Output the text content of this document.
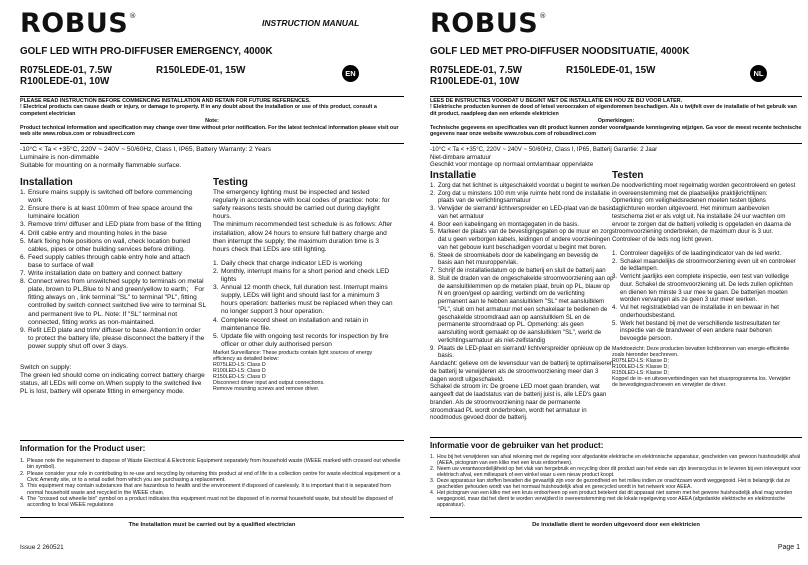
ROBUS®
INSTRUCTION MANUAL
GOLF LED WITH PRO-DIFFUSER EMERGENCY, 4000K
R075LEDE-01, 7.5W	R150LEDE-01, 15W
R100LEDE-01, 10W
EN
PLEASE READ INSTRUCTION BEFORE COMMENCING INSTALLATION AND RETAIN FOR FUTURE REFERENCES.
! Electrical products can cause death or injury, or damage to property. If in any doubt about the installation or use of this product, consult a competent electrician
Note:
Product technical information and specification may change over time without prior notification. For the latest technical information please visit our web site www.robus.com or robusdirect.com
-10°C < Ta < +35°C, 220V ~ 240V ~ 50/60Hz, Class I, IP65, Battery Warranty: 2 Years
Luminaire is non-dimmable
Suitable for mounting on a normally flammable surface.
Installation
1. Ensure mains supply is switched off before commencing work
2. Ensure there is at least 100mm of free space around the luminaire location
3. Remove trim/ diffuser and LED plate from base of the fitting
4. Drill cable entry and mounting holes in the base
5. Mark fixing hole positions on wall, check location buried cables, pipes or other building services before drilling.
6. Feed supply cables through cable entry hole and attach base to surface of wall
7. Write installation date on battery and connect battery
8. Connect wires from unswitched supply to terminals on metal plate, brown to PL,Blue to N and green/yellow to earth； For fitting always on , link terminal "SL" to terminal "PL", fitting controlled by switch connect switched live wire to terminal SL and permanent live to PL. Note: If "SL" terminal not connected, fitting works as non-maintained.
9. Refit LED plate and trim/ diffuser to base. Attention:In order to protect the battery life, please disconnect the battery if the power supply shut off over 3 days.
Switch on supply:
The green led should come on indicating correct battery charge status, all LEDs will come on.When supply to the switched live PL is lost, battery will operate fitting in emergency mode.
Testing
The emergency lighting must be inspected and tested regularly in accordance with local codes of practice: note: for safety reasons tests should be carried out during daylight hours.
The minimum recommended test schedule is as follows: After installation, allow 24 hours to ensure full battery charge and then interrupt the supply; the maximum duration time is 3 hours check that LEDs are still lighting.
1. Daily check that charge indicator LED is working
2. Monthly, interrupt mains for a short period and check LED lights
3. Annual 12 month check, full duration test. Interrupt mains supply, LEDs will light and should last for a minimum 3 hours operation: batteries must be replaced when they can no longer support 3 hour operation.
4. Complete record sheet on installation and retain in maintenance file.
5. Update file with ongoing test records for inspection by fire officer or other duly authorised person
Market Surveillance: These products contain light sources of energy efficiency as detailed below:
R075LED-LS: Class D
R100LED-LS: Class D
R150LED-LS: Class D
Disconnect driver input and output connections.
Remove mounting screws and remove driver.
Information for the Product user:
1. Please note the requirement to dispose of Waste Electrical & Electronic Equipment separately from household waste (WEEE marked with crossed out wheelie bin symbol).
2. Please consider your role in contributing to re-use and recycling by returning this product at end of life to a collection centre for waste electrical equipment or a Civic Amenity site, or to a retail outlet from which you are purchasing a replacement.
3. This equipment may contain substances that are hazardous to health and the environment if disposed of carelessly. It is important that it is separated from normal household waste and recycled in the WEEE chain.
4. The "crossed out wheelie bin" symbol on a product indicates this equipment must not be disposed of in normal household waste, but should be disposed of according to local WEEE regulations
The Installation must be carried out by a qualified electrician
Issue 2 260521
ROBUS®
GOLF LED MET PRO-DIFFUSER NOODSITUATIE, 4000K
R075LEDE-01, 7.5W	R150LEDE-01, 15W
R100LEDE-01, 10W
NL
LEES DE INSTRUCTIES VOORDAT U BEGINT MET DE INSTALLATIE EN HOU ZE BIJ VOOR LATER.
! Elektrische producten kunnen de dood of letsel veroorzaken of eigendommen beschadigen. Als u twijfelt over de installatie of het gebruik van dit product, raadpleeg dan een erkende elektricien
Opmerkingen:
Technische gegevens en specificaties van dit product kunnen zonder voorafgaande kennisgeving wijzigen. Ga voor de meest recente technische gegevens naar onze website www.robus.com of robusdirect.com
-10°C < Ta < +35°C, 220V ~ 240V ~ 50/60Hz, Class I, IP65, Batterij Garantie: 2 Jaar
Niet-dimbare armatuur
Geschikt voor montage op normaal ontvlambaar oppervlakte
Installatie
1. Zorg dat het lichtnet is uitgeschakeld voordat u begint te werken.
2. Zorg dat u minstens 100 mm vrije ruimte hebt rond de installatie plaats van de verlichtingsarmatuur
3. Verwijder de sierrand/ lichtverspreider en LED-plaat van de basis van het armatuur
4. Boor een kabelingang en montagegaten in de basis.
5. Markeer de plaats van de bevestigingsgaten op de muur en zorg dat u geen verborgen kabels, leidingen of andere voorzieningen van het gebouw kunt beschadigen voordat u begint met boren.
6. Steek de stroomkabels door de kabelingang en bevestig de basis aan het muuroppervlak.
7. Schrijf de installatiedatum op de batterij en sluit de batterij aan
8. Sluit de draden van de ongeschakelde stroomvoorziening aan op de aansluitklemmen op de metalen plaat, bruin op PL, blauw op N en groen/geel op aarding; verbindt om de verlichting permanent aan te hebben aansluitklem "SL" met aansluitklem "PL", sluit om het armatuur met een schakelaar te bedienen de geschakelde stroomdraad aan op aansluitklem SL en de permanente stroomdraad op PL. Opmerking: als geen aansluiting wordt gemaakt op de aansluitklem "SL", werkt de verlichtingsarmatuur als niet-zelfstandig
9. Plaats de LED-plaat en sierrand/ lichtverspreider opnieuw op de basis.
Aandacht: gelieve om de levensduur van de batterij te optimaliseren de batterij te verwijderen als de stroomvoorziening meer dan 3 dagen wordt uitgeschakeld.
Schakel de stroom in: De groene LED moet gaan branden, wat aangeeft dat de laadstatus van de batterij juist is, alle LED's gaan branden. Als de stroomvoorziening naar de permanente stroomdraad PL wordt onderbroken, wordt het armatuur in noodmodus gevoed door de batterij.
Testen
De noodverlichting moet regelmatig worden gecontroleerd en getest in overeenstemming met de plaatselijke praktijkrichtlijnen: Opmerking: om veiligheidsredenen moeten testen tijdens daglichturen worden uitgevoerd. Het minimum aanbevolen testschema ziet er als volgt uit. Na installatie 24 uur wachten om ervoor te zorgen dat de batterij volledig is opgeladen en daarna de stroomvoorziening onderbreken, de maximum duur is 3 uur. Controleer of de leds nog licht geven.
1. Controleer dagelijks of de laadingindicator van de led werkt.
2. Schakel maandelijks de stroomvoorziening even uit en controleer de ledlampen.
3. Verricht jaarlijks een complete inspectie, een test van volledige duur. Schakel de stroomvoorziening uit. De leds zullen oplichten en dienen ten minste 3 uur mee te gaan. De batterijen moeten worden vervangen als ze geen 3 uur meer werken.
4. Vul het registratieblad van de installatie in en bewaar in het onderhoudsbestand.
5. Werk het bestand bij met de verschillende testresultaten ter inspectie van de brandweer of een andere naar behoren bevoegde persoon.
Markttoezicht: Deze producten bevatten lichtbronnen van energie-efficiëntie zoals hieronder beschreven.
R075LED-LS: Klasse D;
R100LED-LS: Klasse D;
R150LED-LS: Klasse D;
Koppel de in- en uitvoerverbindingen van het stuurprogramma los. Verwijder de bevestigingsschroeven en verwijder de driver.
Informatie voor de gebruiker van het product:
1. Hou bij het verwijderen van afval rekening met de regeling voor afgedankte elektrische en elektronische apparatuur, gescheiden van gewoon huishoudelijk afval (AEEA, pictogram van een kliko met een kruis erdoorheen).
2. Neem uw verantwoordelijkheid op het vlak van hergebruik en recycling door dit product aan het einde van zijn levenscyclus in te leveren bij een inleverpunt voor elektrisch afval, een milieupark of een winkel waar u een nieuw product koopt.
3. Deze apparatuur kan stoffen bevatten die gevaarlijk zijn voor de gezondheid en het milieu indien ze onachtzaam wordt weggegooid. Het is belangrijk dat ze gescheiden gehouden wordt van het normaal huishoudelijk afval en gerecycled wordt in het netwerk voor AEEA.
4. Het pictogram van een kliko met een kruis erdoorheen op een product betekent dat dit apparaat niet samen met het gewone huishoudelijk afval mag worden weggegooid, maar dat het dient te worden verwijderd in overeenstemming met de lokale regelgeving voor AEEA (afgedankte elektrische en elektronische apparatuur).
De installatie dient te worden uitgevoerd door een elektricien
Page 1
